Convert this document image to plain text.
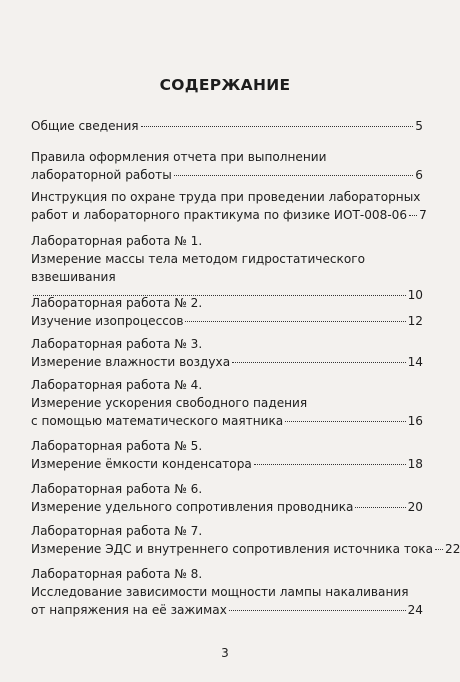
СОДЕРЖАНИЕ
Общие сведения	5
Правила оформления отчета при выполнении
лабораторной работы	6
Инструкция по охране труда при проведении лабораторных
работ и лабораторного практикума по физике ИОТ-008-06 7
Лабораторная работа № 1.
Измерение массы тела методом гидростатического
взвешивания
10
Лабораторная работа № 2.
Изучение изопроцессов	12
Лабораторная работа № 3.
Измерение влажности воздуха	14
Лабораторная работа № 4.
Измерение ускорения свободного падения
с помощью математического маятника	16
Лабораторная работа № 5.
Измерение ёмкости конденсатора	18
Лабораторная работа № 6.
Измерение удельного сопротивления проводника	20
Лабораторная работа № 7.
Измерение ЭДС и внутреннего сопротивления источника тока 22
Лабораторная работа № 8.
Исследование зависимости мощности лампы накаливания
от напряжения на её зажимах	24
3
